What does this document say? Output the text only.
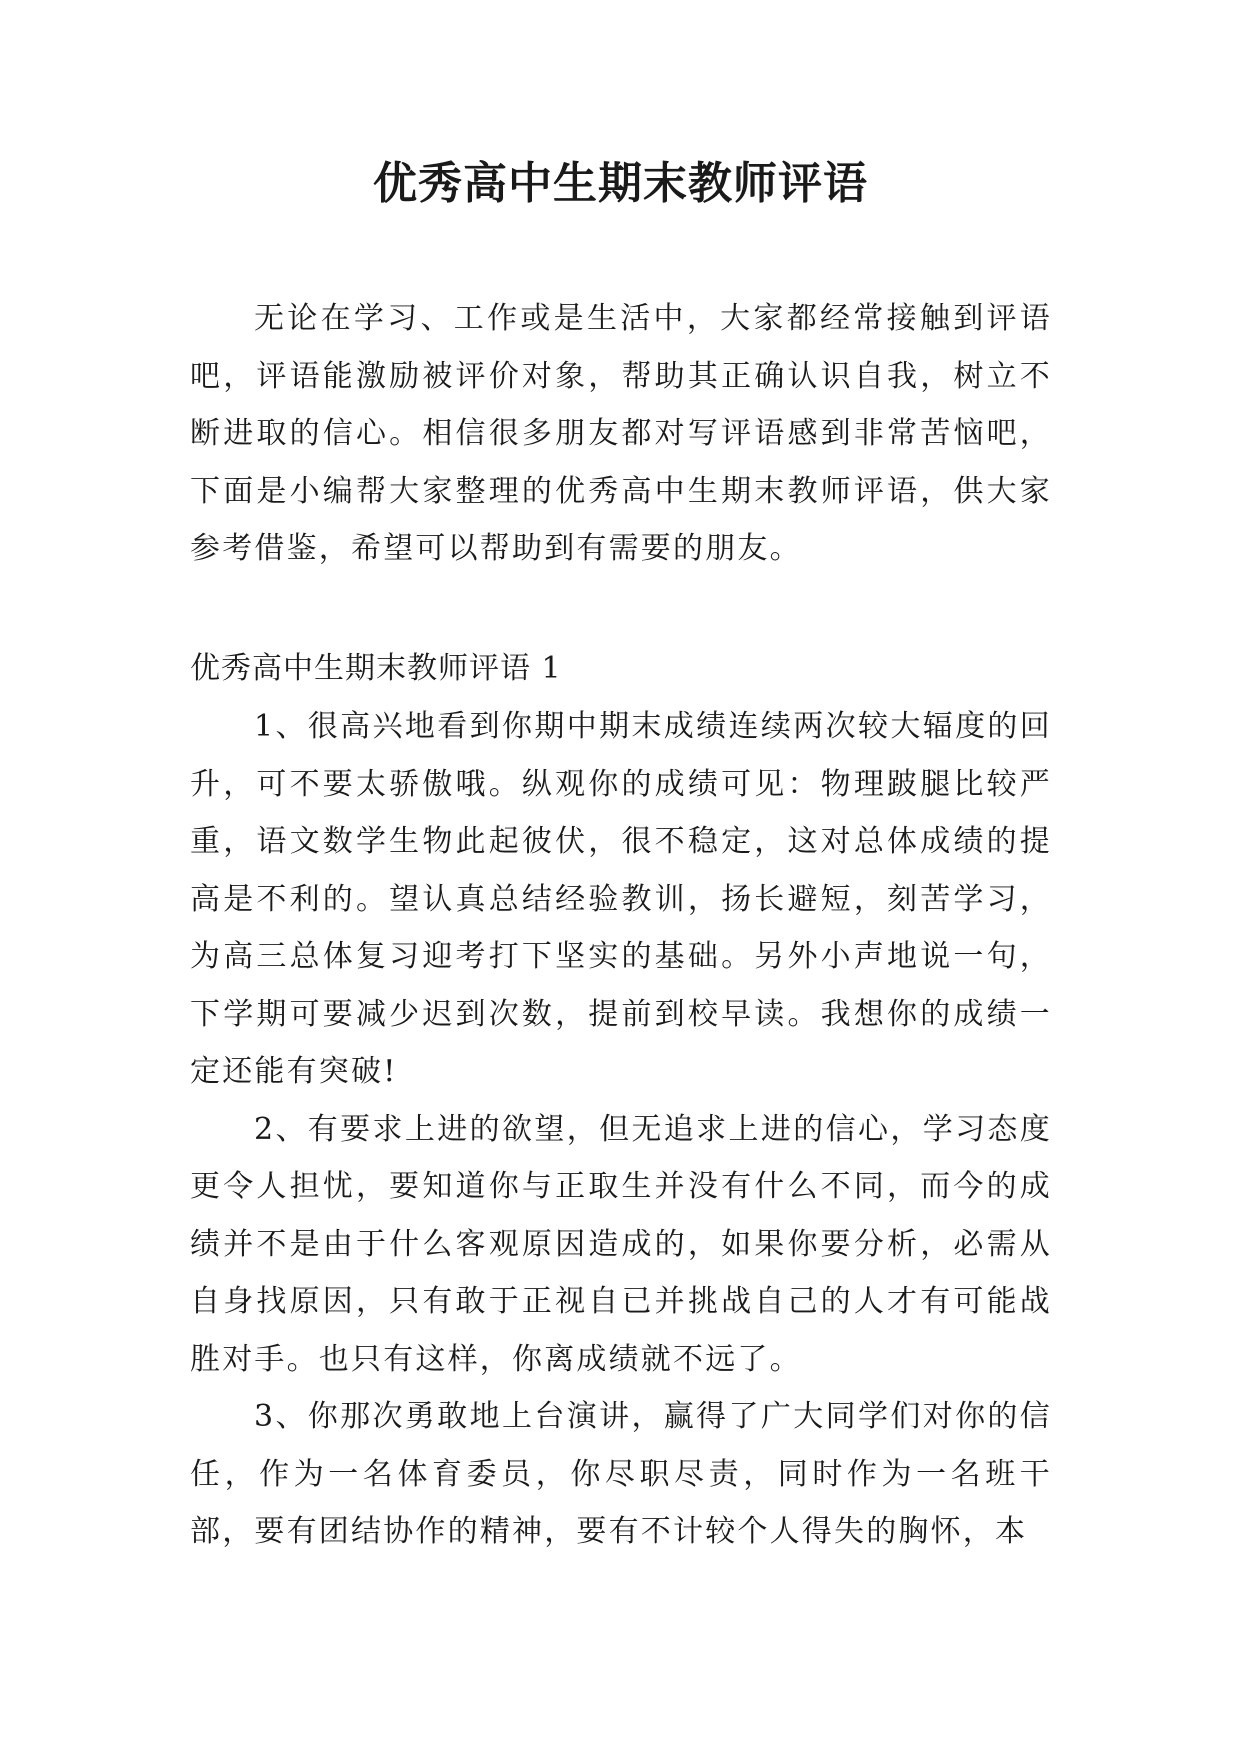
优秀高中生期末教师评语

无论在学习、工作或是生活中，大家都经常接触到评语吧，评语能激励被评价对象，帮助其正确认识自我，树立不断进取的信心。相信很多朋友都对写评语感到非常苦恼吧，下面是小编帮大家整理的优秀高中生期末教师评语，供大家参考借鉴，希望可以帮助到有需要的朋友。

优秀高中生期末教师评语 1

1、很高兴地看到你期中期末成绩连续两次较大辐度的回升，可不要太骄傲哦。纵观你的成绩可见：物理跛腿比较严重，语文数学生物此起彼伏，很不稳定，这对总体成绩的提高是不利的。望认真总结经验教训，扬长避短，刻苦学习，为高三总体复习迎考打下坚实的基础。另外小声地说一句，下学期可要减少迟到次数，提前到校早读。我想你的成绩一定还能有突破!

2、有要求上进的欲望，但无追求上进的信心，学习态度更令人担忧，要知道你与正取生并没有什么不同，而今的成绩并不是由于什么客观原因造成的，如果你要分析，必需从自身找原因，只有敢于正视自已并挑战自己的人才有可能战胜对手。也只有这样，你离成绩就不远了。

3、你那次勇敢地上台演讲，赢得了广大同学们对你的信任，作为一名体育委员，你尽职尽责，同时作为一名班干部，要有团结协作的精神，要有不计较个人得失的胸怀，本
